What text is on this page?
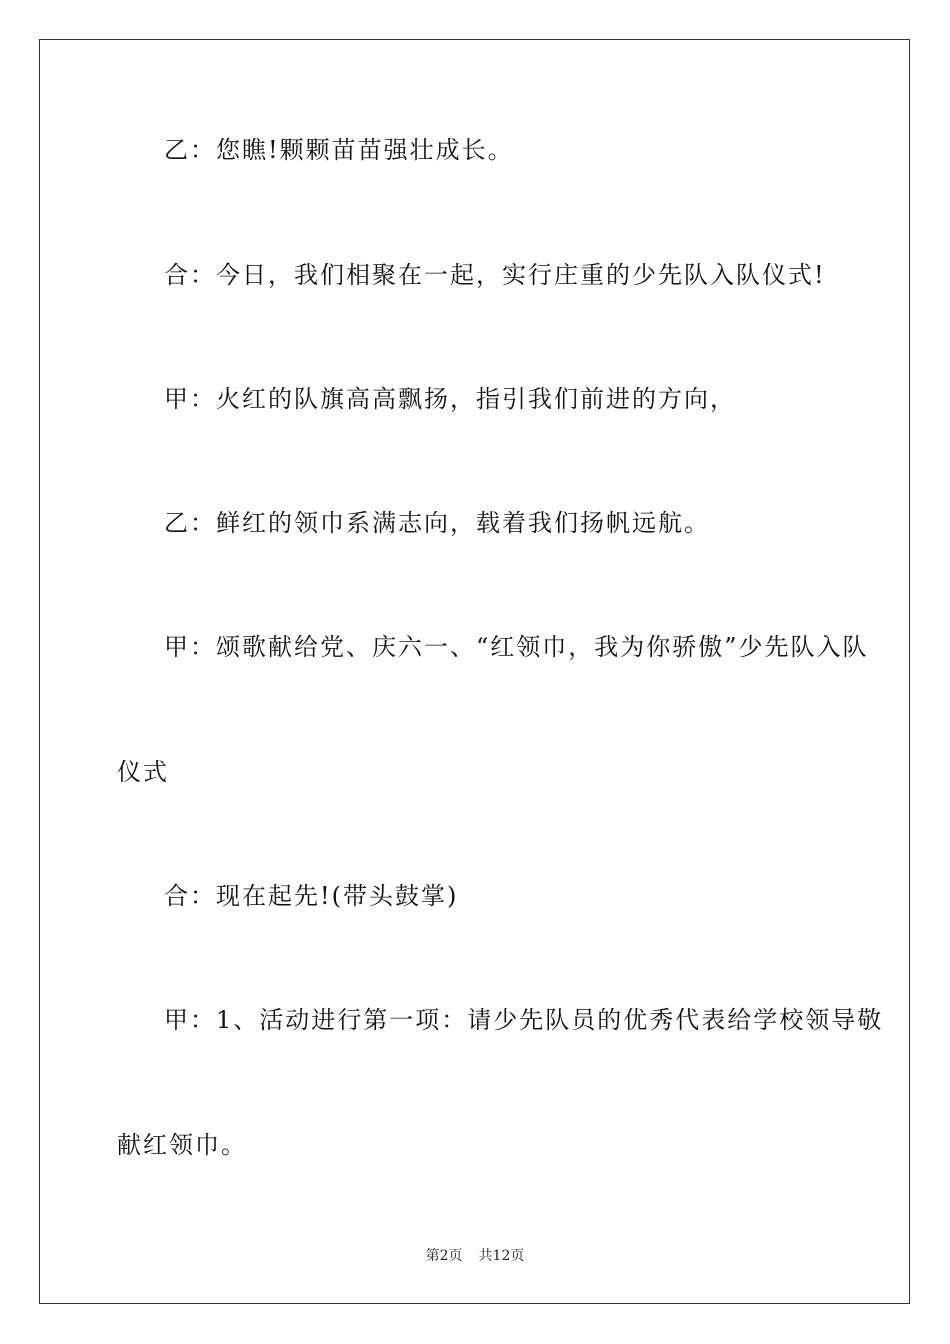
乙：您瞧!颗颗苗苗强壮成长。
合：今日，我们相聚在一起，实行庄重的少先队入队仪式!
甲：火红的队旗高高飘扬，指引我们前进的方向，
乙：鲜红的领巾系满志向，载着我们扬帆远航。
甲：颂歌献给党、庆六一、“红领巾，我为你骄傲”少先队入队
仪式
合：现在起先!(带头鼓掌)
甲：1、活动进行第一项：请少先队员的优秀代表给学校领导敬
献红领巾。
第2页 共12页
